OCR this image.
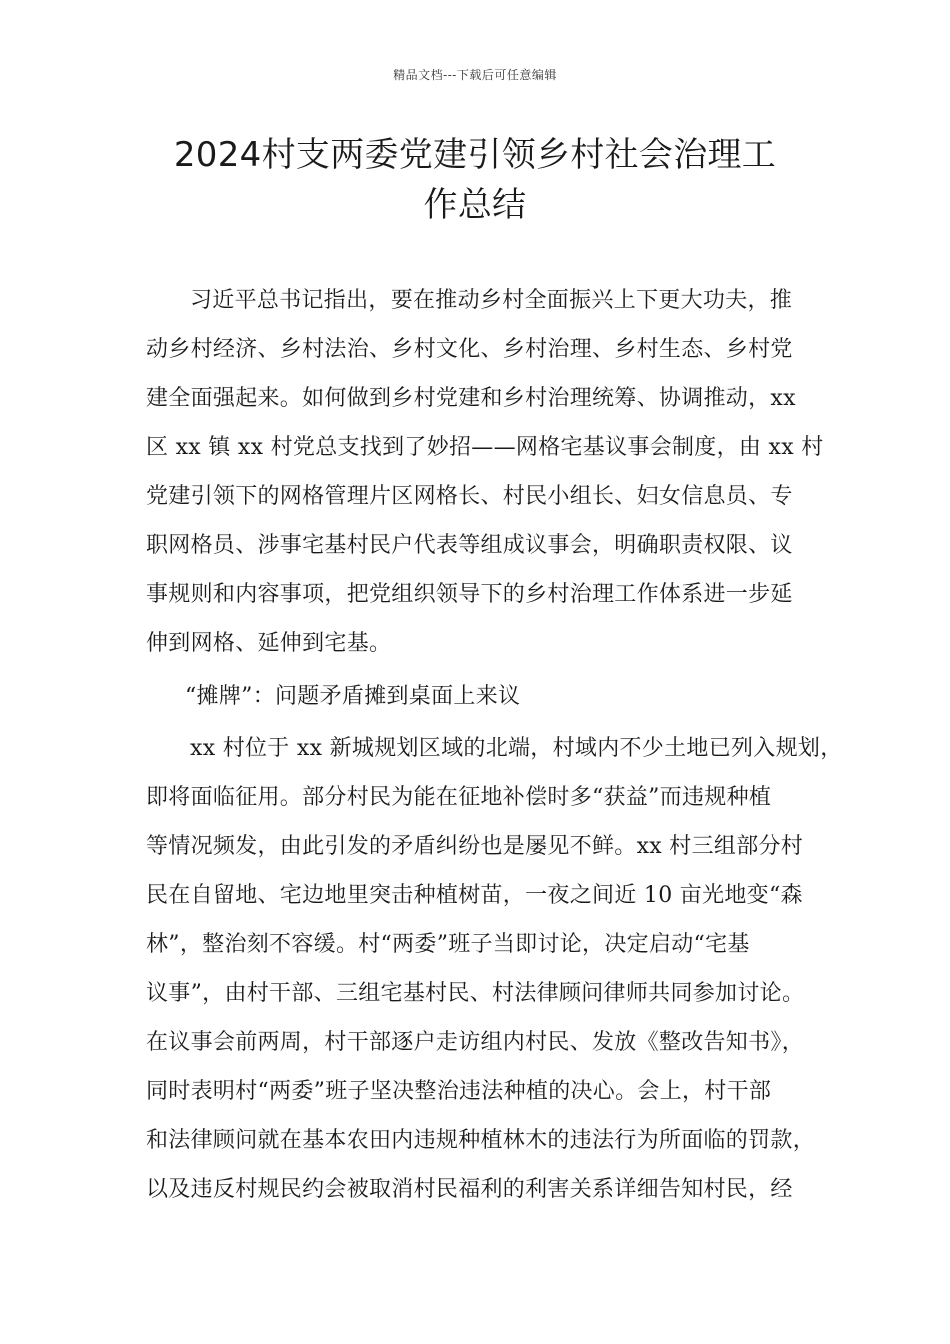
精品文档---下载后可任意编辑
2024村支两委党建引领乡村社会治理工
作总结
习近平总书记指出，要在推动乡村全面振兴上下更大功夫，推
动乡村经济、乡村法治、乡村文化、乡村治理、乡村生态、乡村党
建全面强起来。如何做到乡村党建和乡村治理统筹、协调推动，xx
区 xx 镇 xx 村党总支找到了妙招——网格宅基议事会制度，由 xx 村
党建引领下的网格管理片区网格长、村民小组长、妇女信息员、专
职网格员、涉事宅基村民户代表等组成议事会，明确职责权限、议
事规则和内容事项，把党组织领导下的乡村治理工作体系进一步延
伸到网格、延伸到宅基。
“摊牌”：问题矛盾摊到桌面上来议
xx 村位于 xx 新城规划区域的北端，村域内不少土地已列入规划，
即将面临征用。部分村民为能在征地补偿时多“获益”而违规种植
等情况频发，由此引发的矛盾纠纷也是屡见不鲜。xx 村三组部分村
民在自留地、宅边地里突击种植树苗，一夜之间近 10 亩光地变“森
林”，整治刻不容缓。村“两委”班子当即讨论，决定启动“宅基
议事”，由村干部、三组宅基村民、村法律顾问律师共同参加讨论。
在议事会前两周，村干部逐户走访组内村民、发放《整改告知书》，
同时表明村“两委”班子坚决整治违法种植的决心。会上，村干部
和法律顾问就在基本农田内违规种植林木的违法行为所面临的罚款，
以及违反村规民约会被取消村民福利的利害关系详细告知村民，经
